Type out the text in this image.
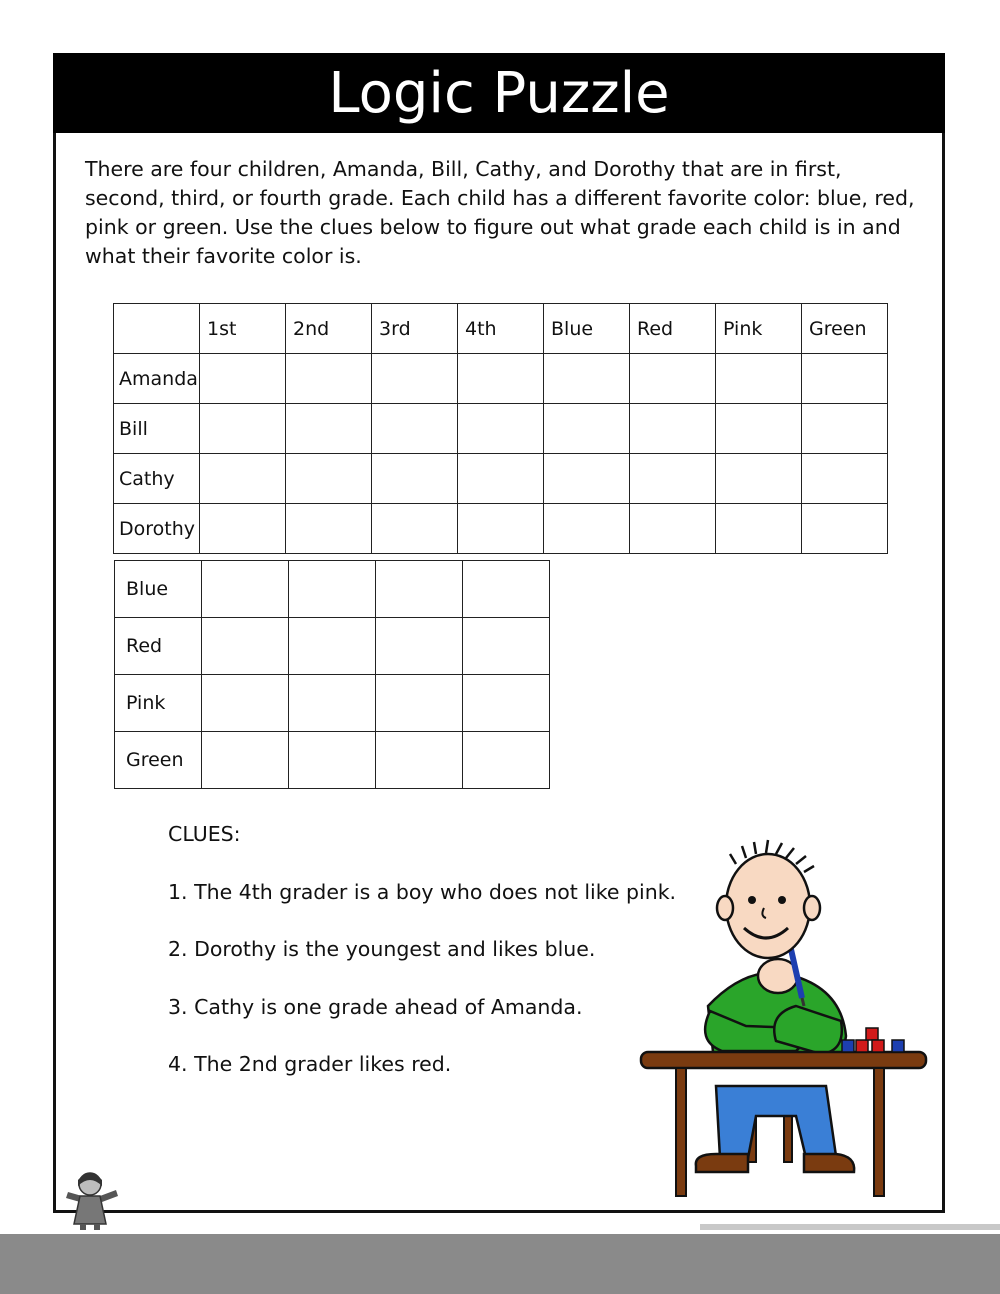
Logic Puzzle

There are four children, Amanda, Bill, Cathy, and Dorothy that are in first, second, third, or fourth grade. Each child has a different favorite color: blue, red, pink or green. Use the clues below to figure out what grade each child is in and what their favorite color is.

	1st	2nd	3rd	4th	Blue	Red	Pink	Green
Amanda								
Bill								
Cathy								
Dorothy								
Blue				
Red				
Pink				
Green				

CLUES:

1. The 4th grader is a boy who does not like pink.

2. Dorothy is the youngest and likes blue.

3. Cathy is one grade ahead of Amanda.

4. The 2nd grader likes red.
